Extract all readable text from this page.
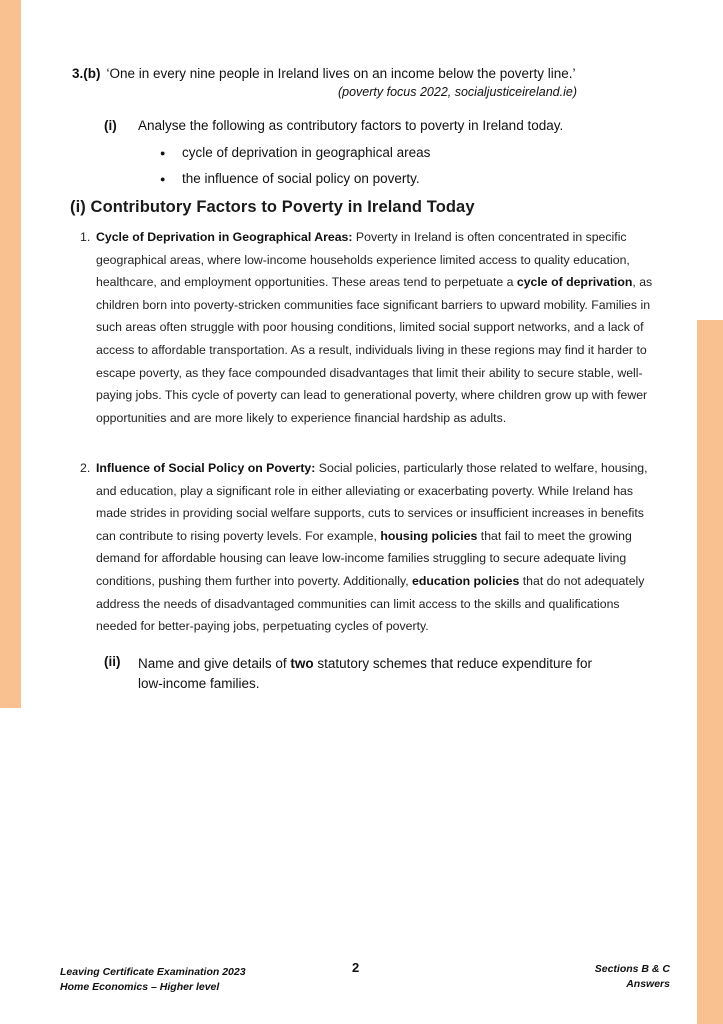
3.(b) ‘One in every nine people in Ireland lives on an income below the poverty line.’
(poverty focus 2022, socialjusticeireland.ie)
(i) Analyse the following as contributory factors to poverty in Ireland today.
● cycle of deprivation in geographical areas
● the influence of social policy on poverty.
(i) Contributory Factors to Poverty in Ireland Today
1. Cycle of Deprivation in Geographical Areas: Poverty in Ireland is often concentrated in specific geographical areas, where low-income households experience limited access to quality education, healthcare, and employment opportunities. These areas tend to perpetuate a cycle of deprivation, as children born into poverty-stricken communities face significant barriers to upward mobility. Families in such areas often struggle with poor housing conditions, limited social support networks, and a lack of access to affordable transportation. As a result, individuals living in these regions may find it harder to escape poverty, as they face compounded disadvantages that limit their ability to secure stable, well-paying jobs. This cycle of poverty can lead to generational poverty, where children grow up with fewer opportunities and are more likely to experience financial hardship as adults.
2. Influence of Social Policy on Poverty: Social policies, particularly those related to welfare, housing, and education, play a significant role in either alleviating or exacerbating poverty. While Ireland has made strides in providing social welfare supports, cuts to services or insufficient increases in benefits can contribute to rising poverty levels. For example, housing policies that fail to meet the growing demand for affordable housing can leave low-income families struggling to secure adequate living conditions, pushing them further into poverty. Additionally, education policies that do not adequately address the needs of disadvantaged communities can limit access to the skills and qualifications needed for better-paying jobs, perpetuating cycles of poverty.
(ii) Name and give details of two statutory schemes that reduce expenditure for low-income families.
Leaving Certificate Examination 2023
Home Economics – Higher level
2	Sections B & C
Answers
